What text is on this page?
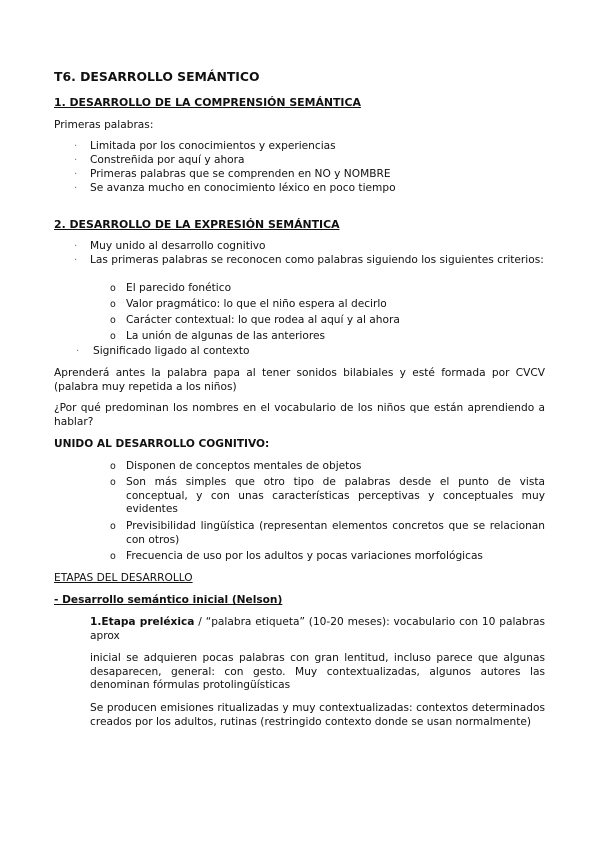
T6. DESARROLLO SEMÁNTICO
1. DESARROLLO DE LA COMPRENSIÓN SEMÁNTICA
Primeras palabras:
· Limitada por los conocimientos y experiencias
· Constreñida por aquí y ahora
· Primeras palabras que se comprenden en NO y NOMBRE
· Se avanza mucho en conocimiento léxico en poco tiempo
2. DESARROLLO DE LA EXPRESIÓN SEMÁNTICA
· Muy unido al desarrollo cognitivo
· Las primeras palabras se reconocen como palabras siguiendo los siguientes criterios:
o El parecido fonético
o Valor pragmático: lo que el niño espera al decirlo
o Carácter contextual: lo que rodea al aquí y al ahora
o La unión de algunas de las anteriores
· Significado ligado al contexto
Aprenderá antes la palabra papa al tener sonidos bilabiales y esté formada por CVCV (palabra muy repetida a los niños)
¿Por qué predominan los nombres en el vocabulario de los niños que están aprendiendo a hablar?
UNIDO AL DESARROLLO COGNITIVO:
o Disponen de conceptos mentales de objetos
o Son más simples que otro tipo de palabras desde el punto de vista conceptual, y con unas características perceptivas y conceptuales muy evidentes
o Previsibilidad lingüística (representan elementos concretos que se relacionan con otros)
o Frecuencia de uso por los adultos y pocas variaciones morfológicas
ETAPAS DEL DESARROLLO
- Desarrollo semántico inicial (Nelson)
1.Etapa preléxica / “palabra etiqueta” (10-20 meses): vocabulario con 10 palabras aprox
inicial se adquieren pocas palabras con gran lentitud, incluso parece que algunas desaparecen, general: con gesto. Muy contextualizadas, algunos autores las denominan fórmulas protolingüísticas
Se producen emisiones ritualizadas y muy contextualizadas: contextos determinados creados por los adultos, rutinas (restringido contexto donde se usan normalmente)
